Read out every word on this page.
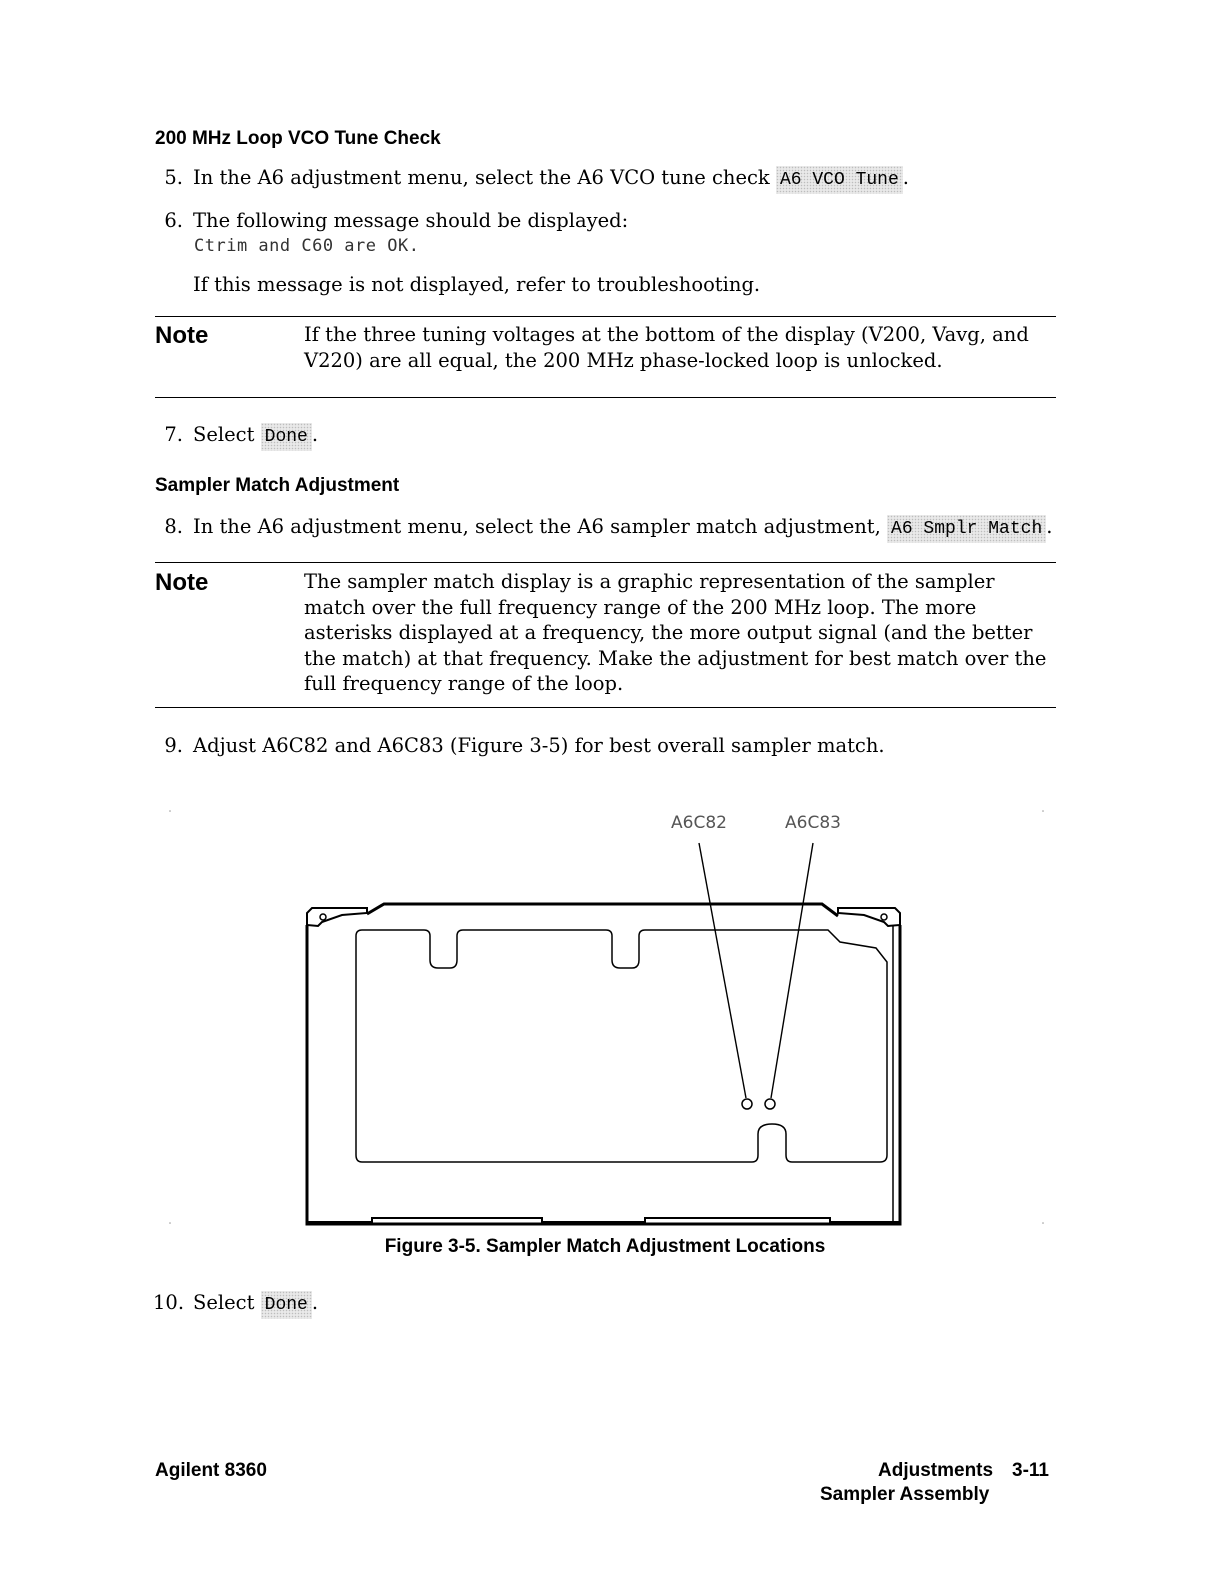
200 MHz Loop VCO Tune Check
5. In the A6 adjustment menu, select the A6 VCO tune check A6 VCO Tune .
6. The following message should be displayed:
Ctrim and C60 are OK.
If this message is not displayed, refer to troubleshooting.
Note	If the three tuning voltages at the bottom of the display (V200, Vavg, and V220) are all equal, the 200 MHz phase-locked loop is unlocked.
7. Select Done .
Sampler Match Adjustment
8. In the A6 adjustment menu, select the A6 sampler match adjustment, A6 Smplr Match .
Note	The sampler match display is a graphic representation of the sampler match over the full frequency range of the 200 MHz loop. The more asterisks displayed at a frequency, the more output signal (and the better the match) at that frequency. Make the adjustment for best match over the full frequency range of the loop.
9. Adjust A6C82 and A6C83 (Figure 3-5) for best overall sampler match.
A6C82	A6C83
Figure 3-5. Sampler Match Adjustment Locations
10. Select Done .
Agilent 8360	Adjustments 3-11
Sampler Assembly
